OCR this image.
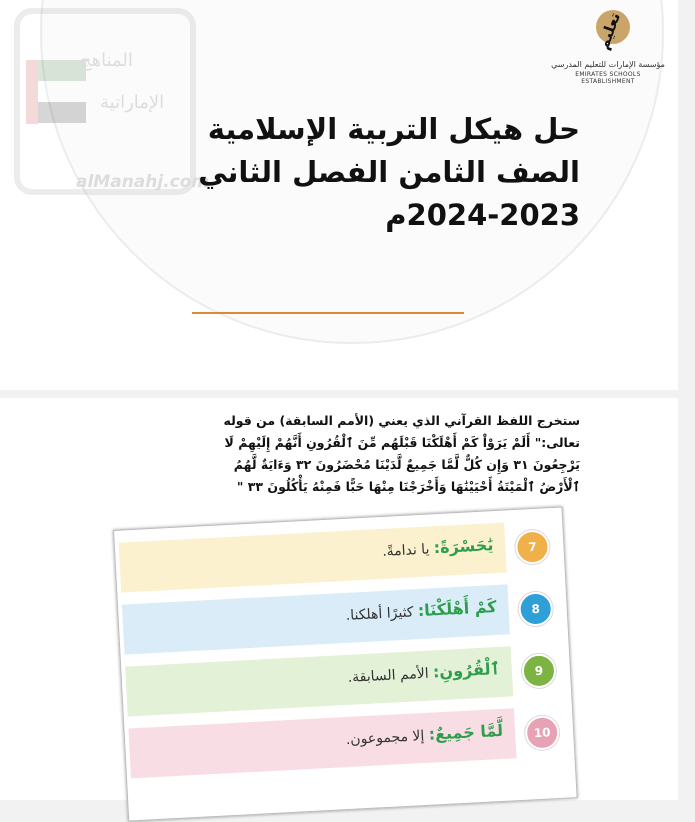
المناهج
الإماراتية
alManahj.com
تعليم
مؤسسة الإمارات للتعليم المدرسي
EMIRATES SCHOOLS ESTABLISHMENT
حل هيكل التربية الإسلامية
الصف الثامن الفصل الثاني
2024-2023م
ستخرج اللفظ القرآني الذي يعني (الأمم السابقة) من قوله
تعالى:" أَلَمْ يَرَوْاْ كَمْ أَهْلَكْنَا قَبْلَهُم مِّنَ ٱلْقُرُونِ أَنَّهُمْ إِلَيْهِمْ لَا
يَرْجِعُونَ ٣١ وَإِن كُلٌّ لَّمَّا جَمِيعٌ لَّدَيْنَا مُحْضَرُونَ ٣٢ وَءَايَةٌ لَّهُمُ
ٱلْأَرْضُ ٱلْمَيْتَةُ أَحْيَيْنَٰهَا وَأَخْرَجْنَا مِنْهَا حَبًّا فَمِنْهُ يَأْكُلُونَ ٣٣ "
7
يَٰحَسْرَةً: يا ندامةً.
8
كَمْ أَهْلَكْنَا: كثيرًا أهلكنا.
9
ٱلْقُرُونِ: الأمم السابقة.
10
لَّمَّا جَمِيعٌ: إلا مجموعون.
